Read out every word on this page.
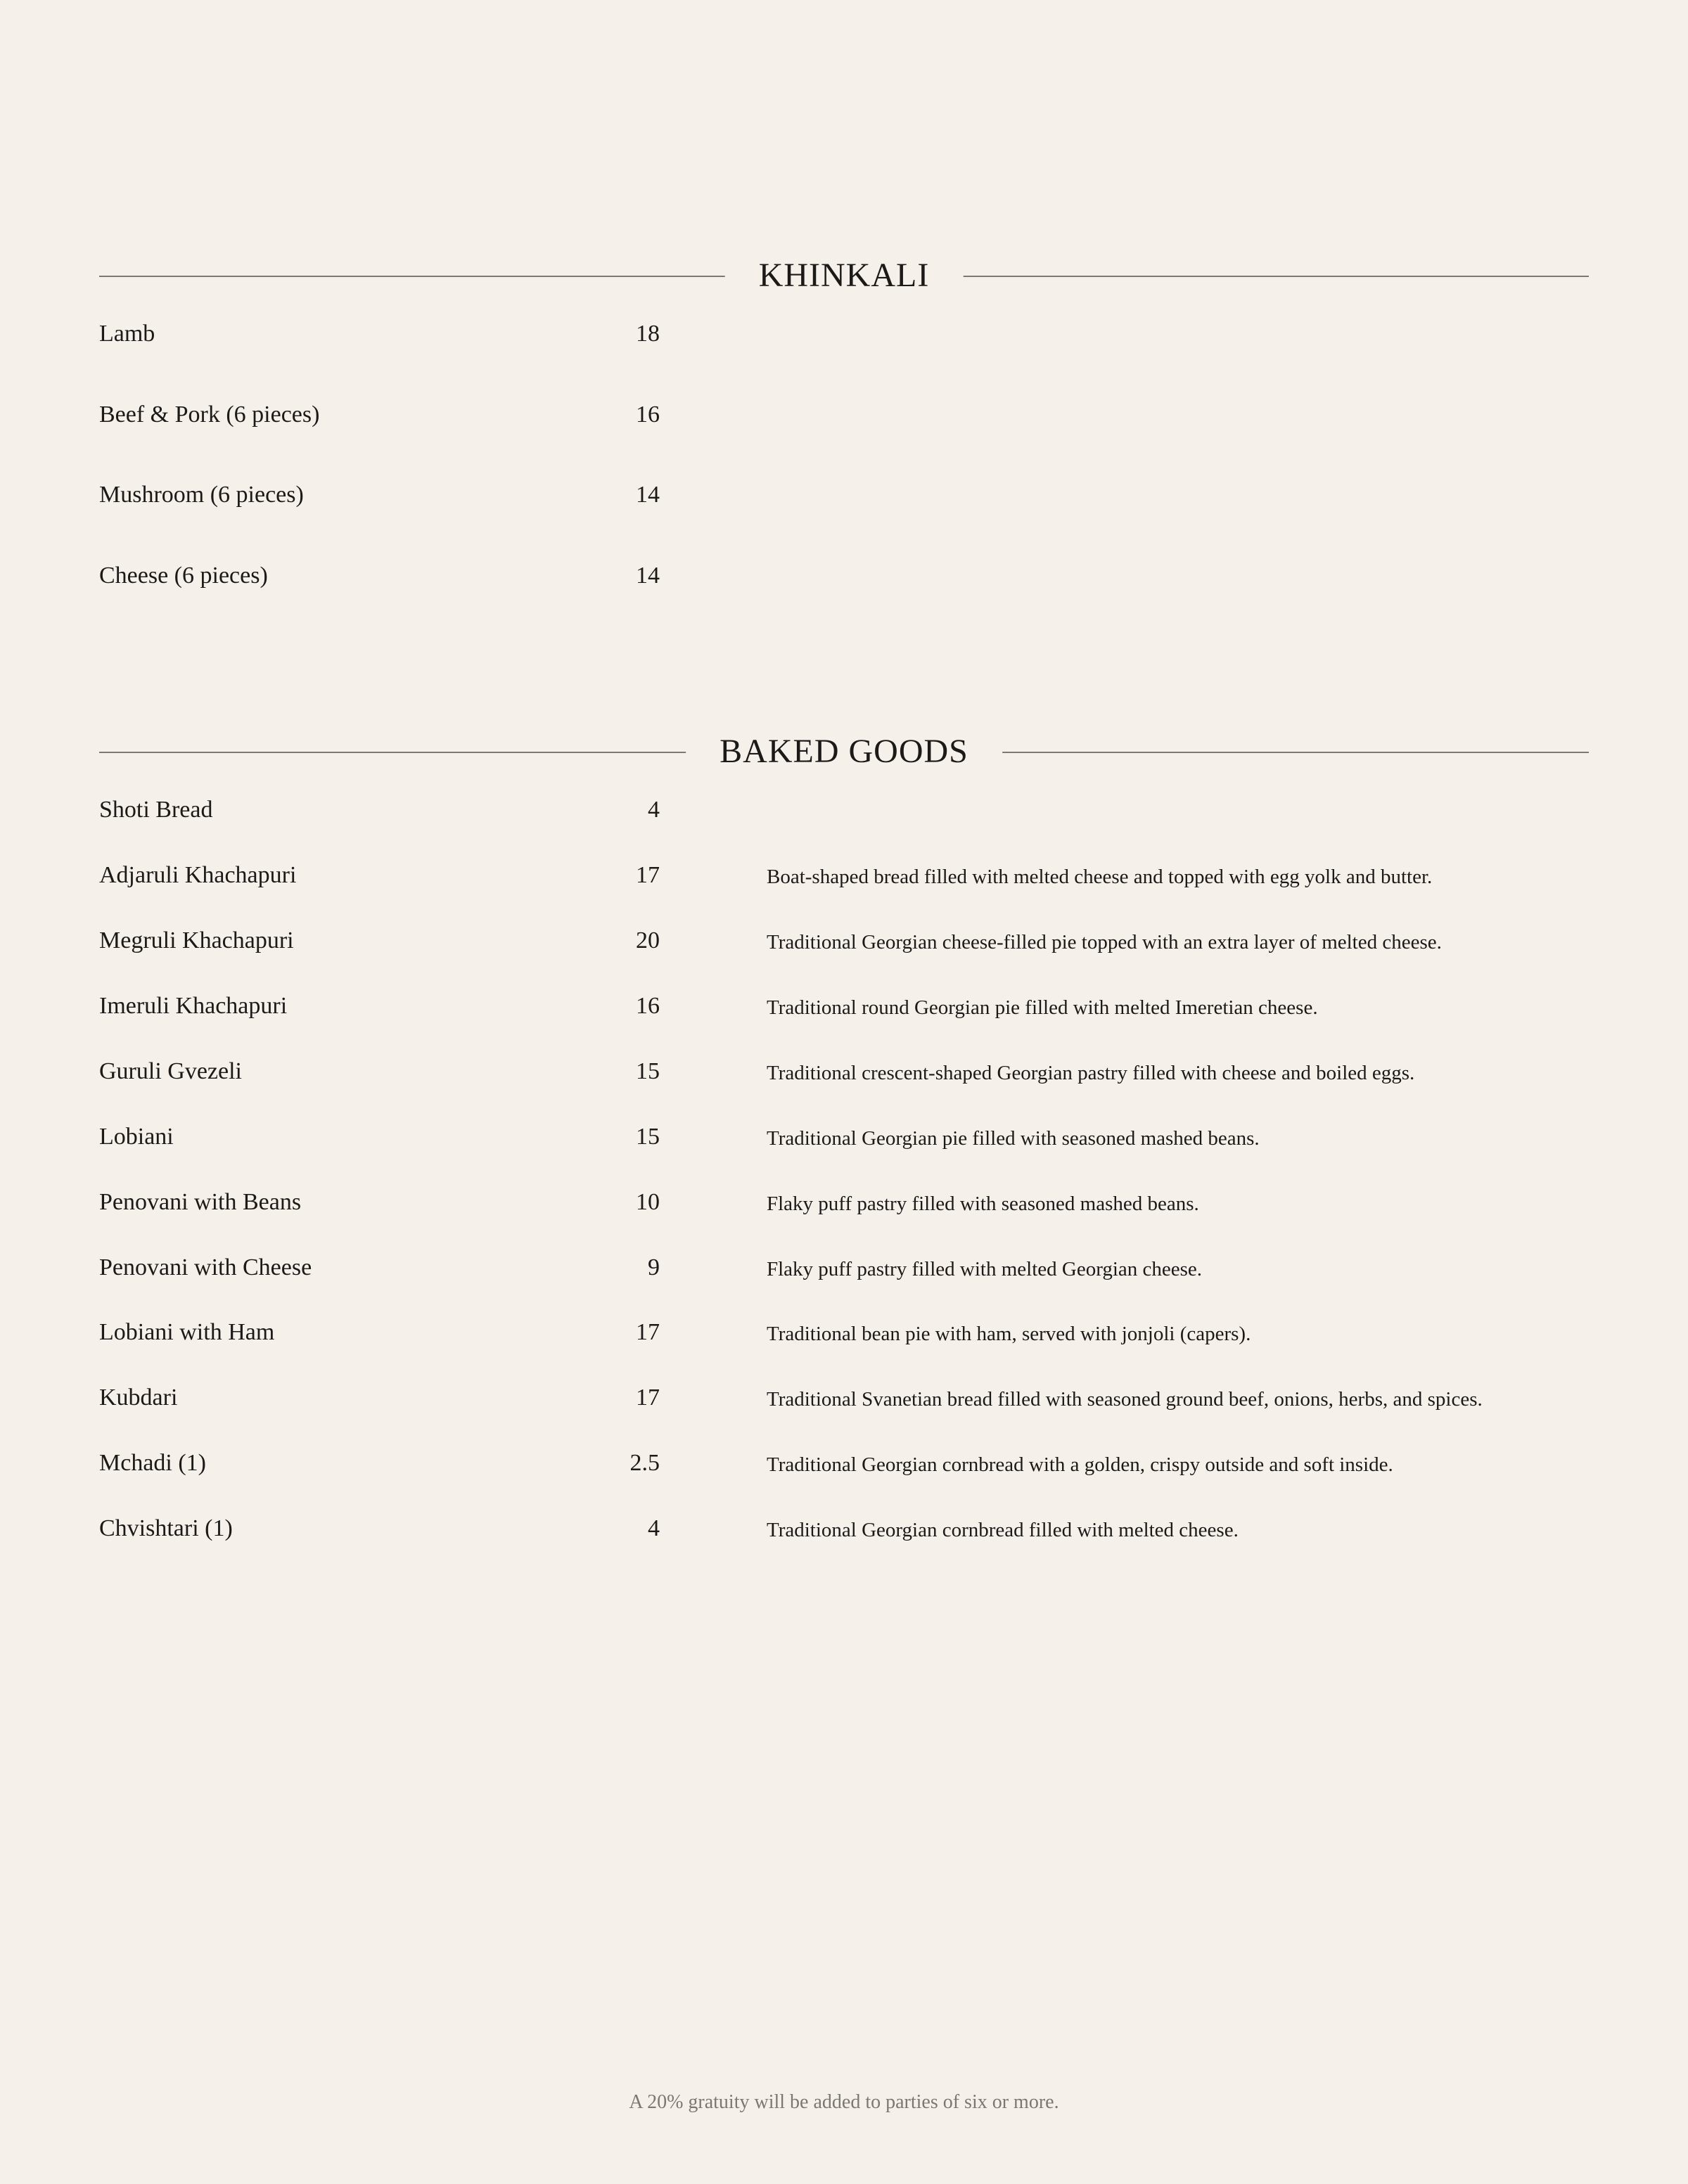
KHINKALI
Lamb	18
Beef & Pork (6 pieces)	16
Mushroom (6 pieces)	14
Cheese (6 pieces)	14
BAKED GOODS
Shoti Bread	4
Adjaruli Khachapuri	17	Boat-shaped bread filled with melted cheese and topped with egg yolk and butter.
Megruli Khachapuri	20	Traditional Georgian cheese-filled pie topped with an extra layer of melted cheese.
Imeruli Khachapuri	16	Traditional round Georgian pie filled with melted Imeretian cheese.
Guruli Gvezeli	15	Traditional crescent-shaped Georgian pastry filled with cheese and boiled eggs.
Lobiani	15	Traditional Georgian pie filled with seasoned mashed beans.
Penovani with Beans	10	Flaky puff pastry filled with seasoned mashed beans.
Penovani with Cheese	9	Flaky puff pastry filled with melted Georgian cheese.
Lobiani with Ham	17	Traditional bean pie with ham, served with jonjoli (capers).
Kubdari	17	Traditional Svanetian bread filled with seasoned ground beef, onions, herbs, and spices.
Mchadi (1)	2.5	Traditional Georgian cornbread with a golden, crispy outside and soft inside.
Chvishtari (1)	4	Traditional Georgian cornbread filled with melted cheese.
A 20% gratuity will be added to parties of six or more.
